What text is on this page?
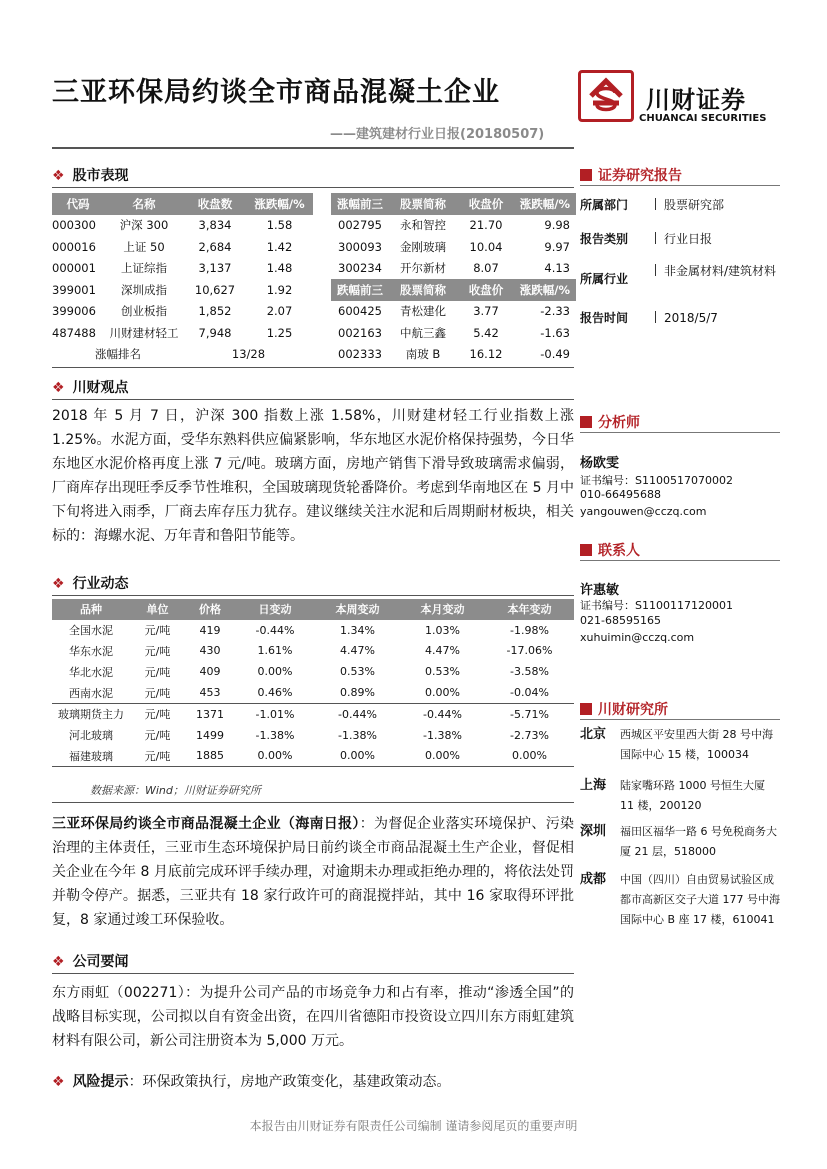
三亚环保局约谈全市商品混凝土企业
——建筑建材行业日报(20180507)
川财证券
CHUANCAI SECURITIES
❖ 股市表现
代码	名称	收盘数	涨跌幅/%
000300	沪深 300	3,834	1.58
000016	上证 50	2,684	1.42
000001	上证综指	3,137	1.48
399001	深圳成指	10,627	1.92
399006	创业板指	1,852	2.07
487488	川财建材轻工	7,948	1.25
涨幅排名		13/28	
涨幅前三	股票简称	收盘价	涨跌幅/%
002795	永和智控	21.70	9.98
300093	金刚玻璃	10.04	9.97
300234	开尔新材	8.07	4.13
跌幅前三	股票简称	收盘价	涨跌幅/%
600425	青松建化	3.77	-2.33
002163	中航三鑫	5.42	-1.63
002333	南玻 B	16.12	-0.49
❖ 川财观点
2018 年 5 月 7 日，沪深 300 指数上涨 1.58%，川财建材轻工行业指数上涨 1.25%。水泥方面，受华东熟料供应偏紧影响，华东地区水泥价格保持强势，今日华东地区水泥价格再度上涨 7 元/吨。玻璃方面，房地产销售下滑导致玻璃需求偏弱，厂商库存出现旺季反季节性堆积，全国玻璃现货轮番降价。考虑到华南地区在 5 月中下旬将进入雨季，厂商去库存压力犹存。建议继续关注水泥和后周期耐材板块，相关标的：海螺水泥、万年青和鲁阳节能等。
❖ 行业动态
品种	单位	价格	日变动	本周变动	本月变动	本年变动
全国水泥	元/吨	419	-0.44%	1.34%	1.03%	-1.98%
华东水泥	元/吨	430	1.61%	4.47%	4.47%	-17.06%
华北水泥	元/吨	409	0.00%	0.53%	0.53%	-3.58%
西南水泥	元/吨	453	0.46%	0.89%	0.00%	-0.04%
玻璃期货主力	元/吨	1371	-1.01%	-0.44%	-0.44%	-5.71%
河北玻璃	元/吨	1499	-1.38%	-1.38%	-1.38%	-2.73%
福建玻璃	元/吨	1885	0.00%	0.00%	0.00%	0.00%
数据来源：Wind；川财证券研究所
三亚环保局约谈全市商品混凝土企业（海南日报）：为督促企业落实环境保护、污染治理的主体责任，三亚市生态环境保护局日前约谈全市商品混凝土生产企业，督促相关企业在今年 8 月底前完成环评手续办理，对逾期未办理或拒绝办理的，将依法处罚并勒令停产。据悉，三亚共有 18 家行政许可的商混搅拌站，其中 16 家取得环评批复，8 家通过竣工环保验收。
❖ 公司要闻
东方雨虹（002271）：为提升公司产品的市场竞争力和占有率，推动“渗透全国”的战略目标实现，公司拟以自有资金出资，在四川省德阳市投资设立四川东方雨虹建筑材料有限公司，新公司注册资本为 5,000 万元。
❖ 风险提示：环保政策执行，房地产政策变化，基建政策动态。
证券研究报告
所属部门	股票研究部
报告类别	行业日报
所属行业
非金属材料/建筑材料
报告时间	2018/5/7
分析师
杨欧雯
证书编号：S1100517070002
010-66495688
yangouwen@cczq.com
联系人
许惠敏
证书编号：S1100117120001
021-68595165
xuhuimin@cczq.com
川财研究所
北京 西城区平安里西大街 28 号中海国际中心 15 楼，100034
上海 陆家嘴环路 1000 号恒生大厦 11 楼，200120
深圳 福田区福华一路 6 号免税商务大厦 21 层，518000
成都 中国（四川）自由贸易试验区成都市高新区交子大道 177 号中海国际中心 B 座 17 楼，610041
本报告由川财证券有限责任公司编制 谨请参阅尾页的重要声明
